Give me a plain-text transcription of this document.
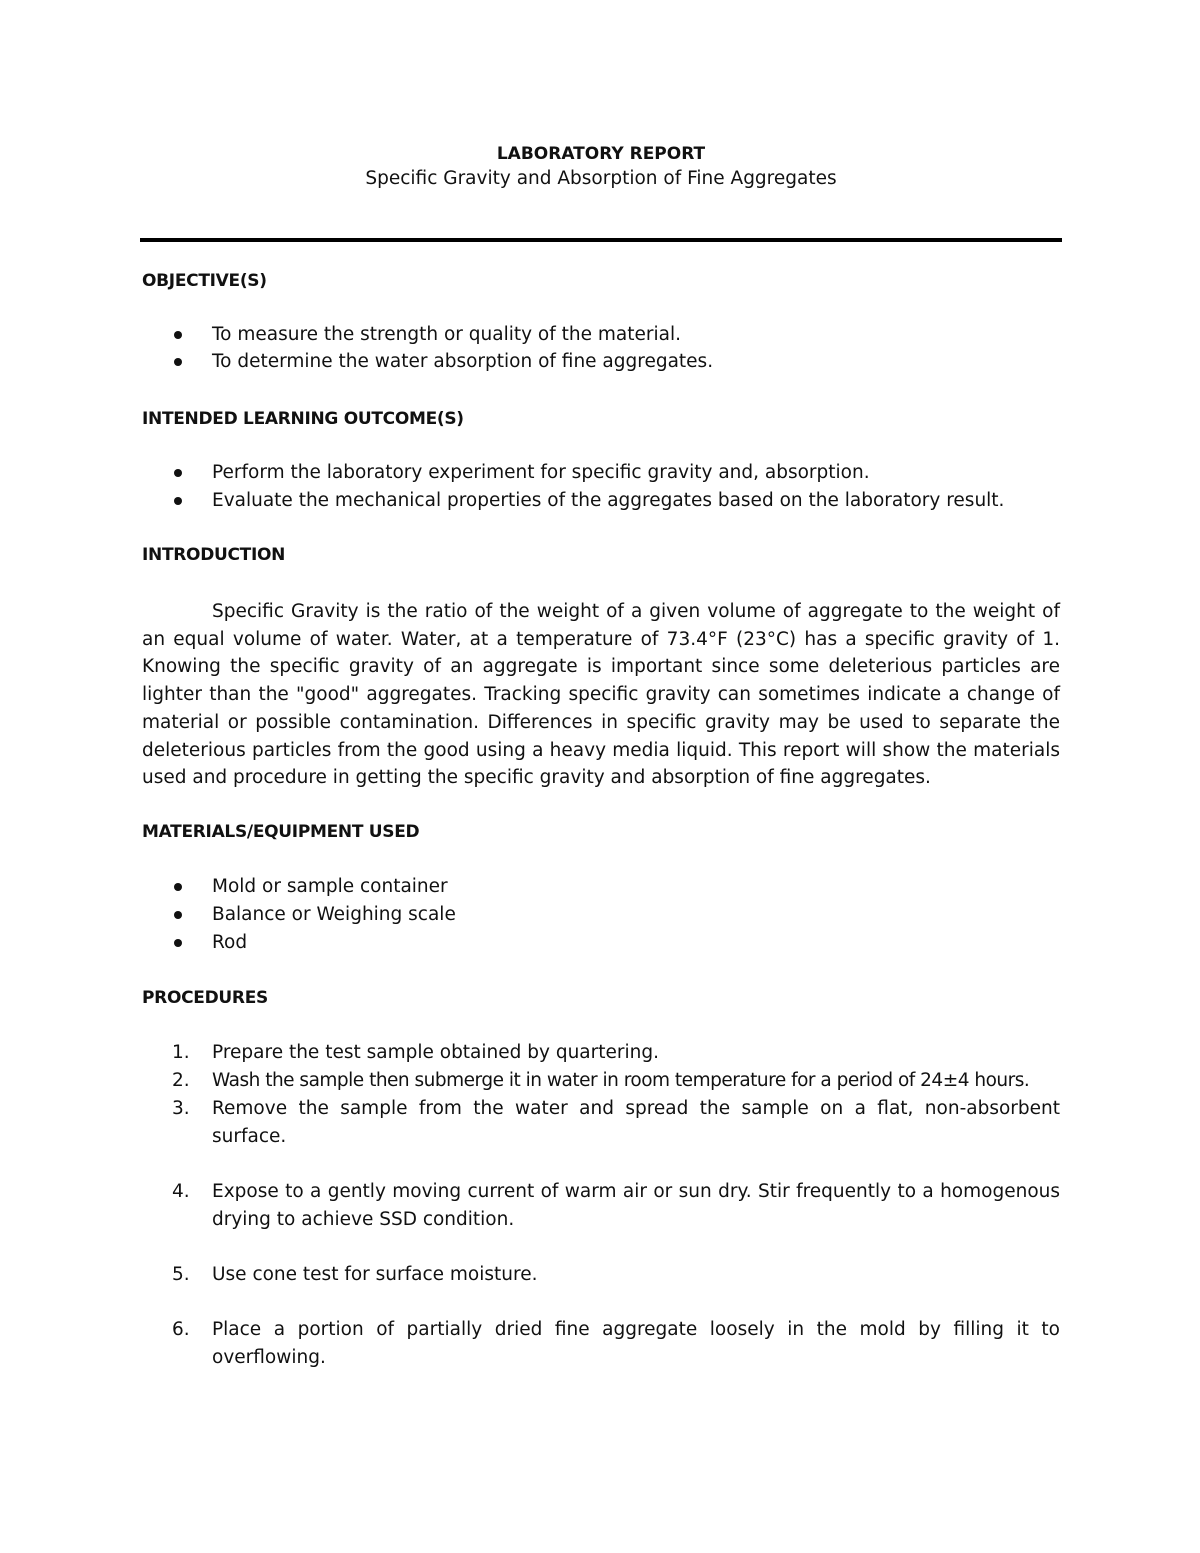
LABORATORY REPORT
Specific Gravity and Absorption of Fine Aggregates
OBJECTIVE(S)
To measure the strength or quality of the material.
To determine the water absorption of fine aggregates.
INTENDED LEARNING OUTCOME(S)
Perform the laboratory experiment for specific gravity and, absorption.
Evaluate the mechanical properties of the aggregates based on the laboratory result.
INTRODUCTION

Specific Gravity is the ratio of the weight of a given volume of aggregate to the weight of an equal volume of water. Water, at a temperature of 73.4°F (23°C) has a specific gravity of 1. Knowing the specific gravity of an aggregate is important since some deleterious particles are lighter than the "good" aggregates. Tracking specific gravity can sometimes indicate a change of material or possible contamination. Differences in specific gravity may be used to separate the deleterious particles from the good using a heavy media liquid. This report will show the materials used and procedure in getting the specific gravity and absorption of fine aggregates.

MATERIALS/EQUIPMENT USED
Mold or sample container
Balance or Weighing scale
Rod
PROCEDURES
1. Prepare the test sample obtained by quartering.
2. Wash the sample then submerge it in water in room temperature for a period of 24±4 hours.
3. Remove the sample from the water and spread the sample on a flat, non-absorbent surface.
4. Expose to a gently moving current of warm air or sun dry. Stir frequently to a homogenous drying to achieve SSD condition.
5. Use cone test for surface moisture.
6. Place a portion of partially dried fine aggregate loosely in the mold by filling it to overflowing.
